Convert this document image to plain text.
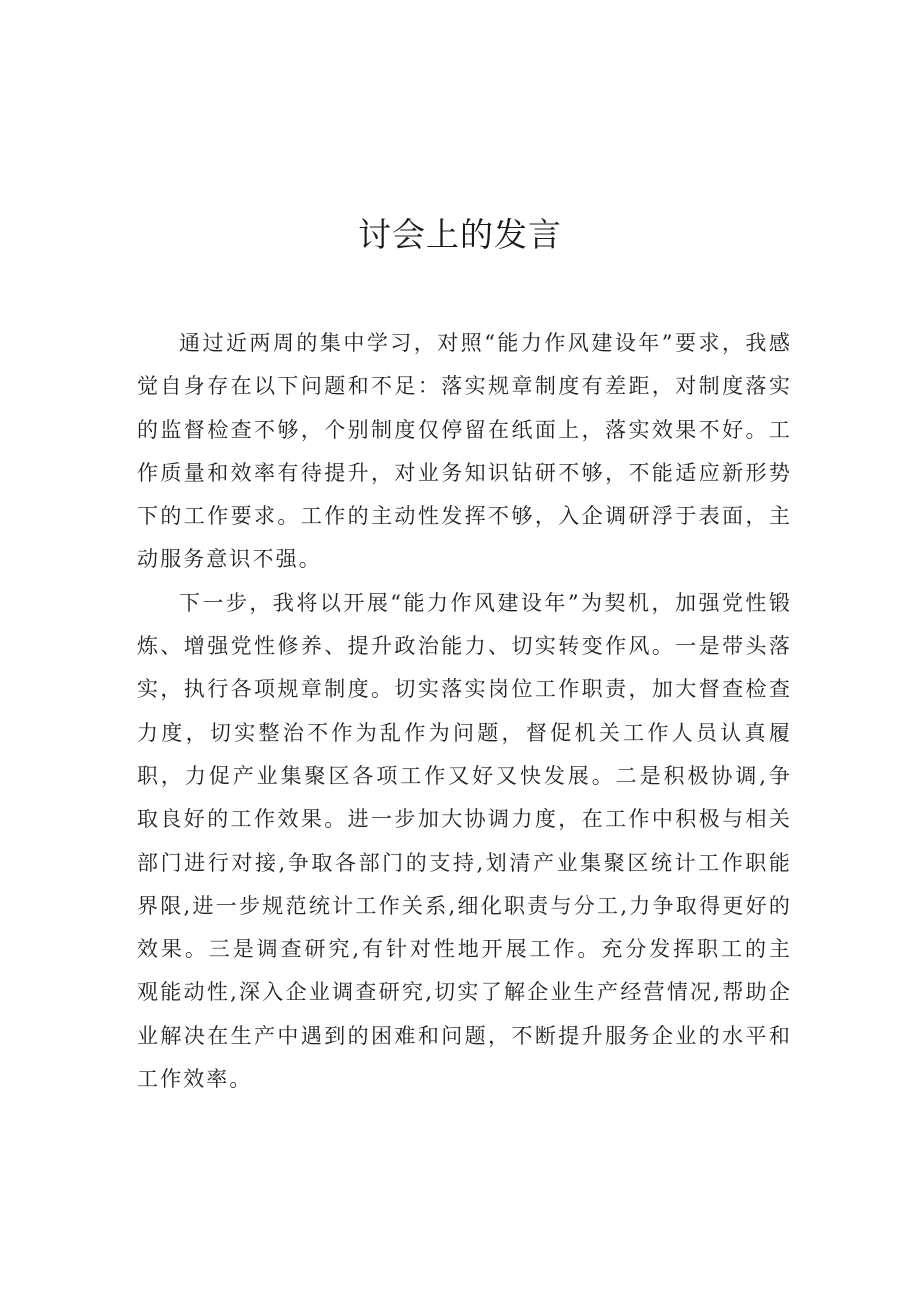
讨会上的发言

通过近两周的集中学习，对照“能力作风建设年”要求，我感觉自身存在以下问题和不足：落实规章制度有差距，对制度落实的监督检查不够，个别制度仅停留在纸面上，落实效果不好。工作质量和效率有待提升，对业务知识钻研不够，不能适应新形势下的工作要求。工作的主动性发挥不够，入企调研浮于表面，主动服务意识不强。

下一步，我将以开展“能力作风建设年”为契机，加强党性锻炼、增强党性修养、提升政治能力、切实转变作风。一是带头落实，执行各项规章制度。切实落实岗位工作职责，加大督查检查力度，切实整治不作为乱作为问题，督促机关工作人员认真履职，力促产业集聚区各项工作又好又快发展。二是积极协调,争取良好的工作效果。进一步加大协调力度，在工作中积极与相关部门进行对接,争取各部门的支持,划清产业集聚区统计工作职能界限,进一步规范统计工作关系,细化职责与分工,力争取得更好的效果。三是调查研究,有针对性地开展工作。充分发挥职工的主观能动性,深入企业调查研究,切实了解企业生产经营情况,帮助企业解决在生产中遇到的困难和问题，不断提升服务企业的水平和工作效率。
